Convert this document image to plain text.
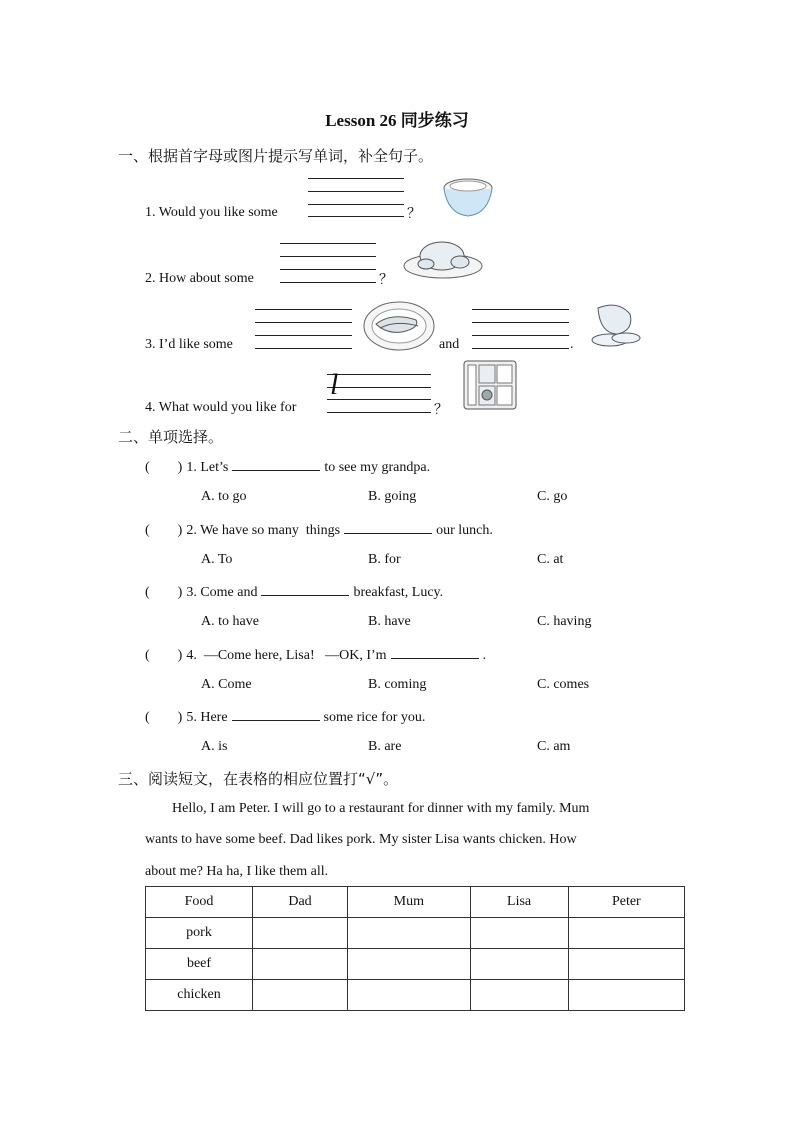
Lesson 26 同步练习
一、根据首字母或图片提示写单词，补全句子。
1. Would you like some	？
2. How about some	？
3. I’d like some	and	.
l
4. What would you like for	？
二、单项选择。
(        ) 1. Let’s	to see my grandpa.
A. to go	B. going	C. go
(        ) 2. We have so many  things	our lunch.
A. To	B. for	C. at
(        ) 3. Come and	breakfast, Lucy.
A. to have	B. have	C. having
(        ) 4.  —Come here, Lisa!   —OK, I’m	.
A. Come	B. coming	C. comes
(        ) 5. Here	some rice for you.
A. is	B. are	C. am
三、阅读短文，在表格的相应位置打“√”。
Hello, I am Peter. I will go to a restaurant for dinner with my family. Mum
wants to have some beef. Dad likes pork. My sister Lisa wants chicken. How
about me? Ha ha, I like them all.
Food	Dad	Mum	Lisa	Peter
pork				
beef				
chicken				
